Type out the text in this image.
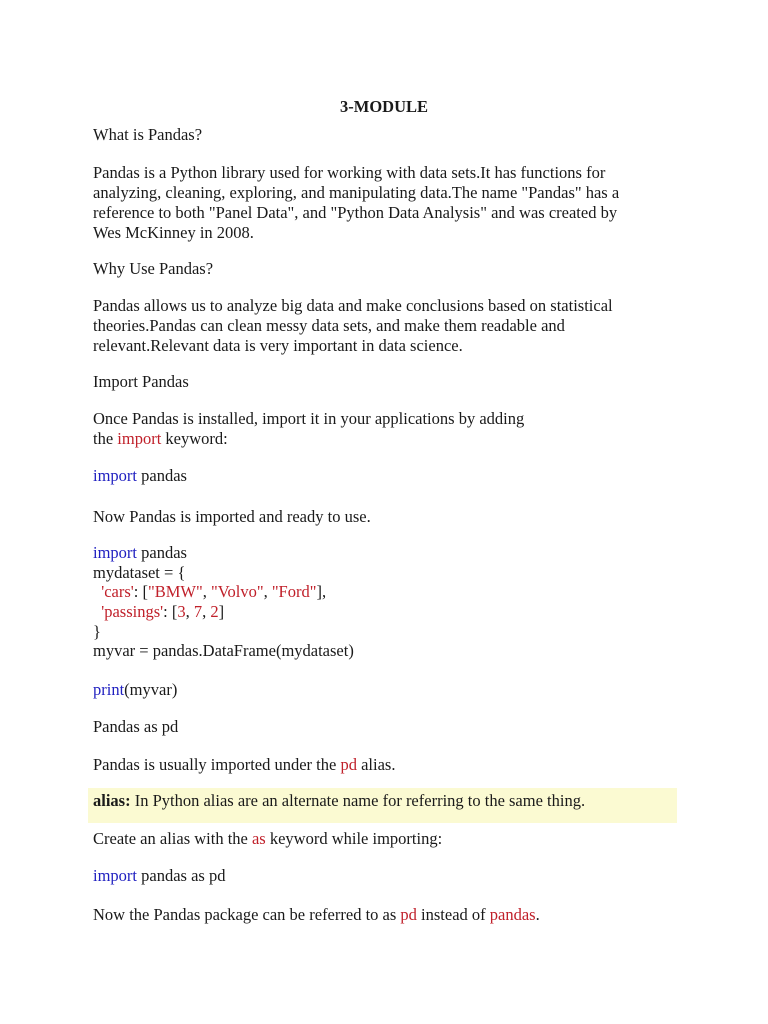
3-MODULE
What is Pandas?
Pandas is a Python library used for working with data sets.It has functions for
analyzing, cleaning, exploring, and manipulating data.The name "Pandas" has a
reference to both "Panel Data", and "Python Data Analysis" and was created by
Wes McKinney in 2008.
Why Use Pandas?
Pandas allows us to analyze big data and make conclusions based on statistical
theories.Pandas can clean messy data sets, and make them readable and
relevant.Relevant data is very important in data science.
Import Pandas
Once Pandas is installed, import it in your applications by adding
the import keyword:
import pandas
Now Pandas is imported and ready to use.
import pandas
mydataset = {
'cars': ["BMW", "Volvo", "Ford"],
'passings': [3, 7, 2]
}
myvar = pandas.DataFrame(mydataset)
print(myvar)
Pandas as pd
Pandas is usually imported under the pd alias.
alias: In Python alias are an alternate name for referring to the same thing.
Create an alias with the as keyword while importing:
import pandas as pd
Now the Pandas package can be referred to as pd instead of pandas.
